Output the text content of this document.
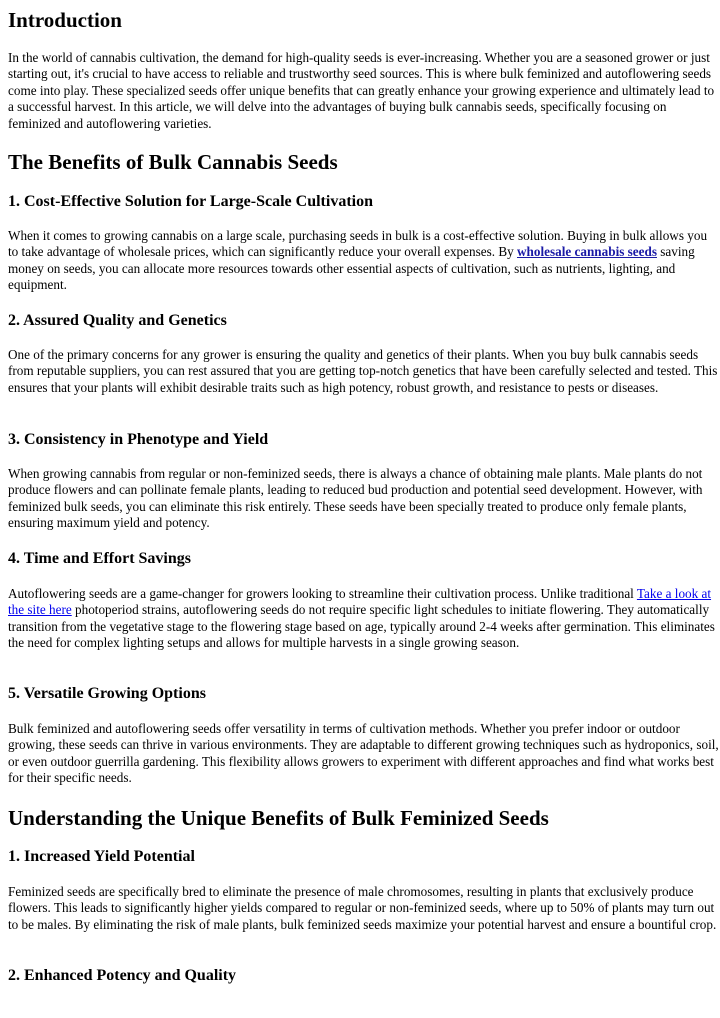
Introduction

In the world of cannabis cultivation, the demand for high-quality seeds is ever-increasing. Whether you are a seasoned grower or just starting out, it's crucial to have access to reliable and trustworthy seed sources. This is where bulk feminized and autoflowering seeds come into play. These specialized seeds offer unique benefits that can greatly enhance your growing experience and ultimately lead to a successful harvest. In this article, we will delve into the advantages of buying bulk cannabis seeds, specifically focusing on feminized and autoflowering varieties.

The Benefits of Bulk Cannabis Seeds
1. Cost-Effective Solution for Large-Scale Cultivation

When it comes to growing cannabis on a large scale, purchasing seeds in bulk is a cost-effective solution. Buying in bulk allows you to take advantage of wholesale prices, which can significantly reduce your overall expenses. By wholesale cannabis seeds saving money on seeds, you can allocate more resources towards other essential aspects of cultivation, such as nutrients, lighting, and equipment.

2. Assured Quality and Genetics

One of the primary concerns for any grower is ensuring the quality and genetics of their plants. When you buy bulk cannabis seeds from reputable suppliers, you can rest assured that you are getting top-notch genetics that have been carefully selected and tested. This ensures that your plants will exhibit desirable traits such as high potency, robust growth, and resistance to pests or diseases.

3. Consistency in Phenotype and Yield

When growing cannabis from regular or non-feminized seeds, there is always a chance of obtaining male plants. Male plants do not produce flowers and can pollinate female plants, leading to reduced bud production and potential seed development. However, with feminized bulk seeds, you can eliminate this risk entirely. These seeds have been specially treated to produce only female plants, ensuring maximum yield and potency.

4. Time and Effort Savings

Autoflowering seeds are a game-changer for growers looking to streamline their cultivation process. Unlike traditional Take a look at the site here photoperiod strains, autoflowering seeds do not require specific light schedules to initiate flowering. They automatically transition from the vegetative stage to the flowering stage based on age, typically around 2-4 weeks after germination. This eliminates the need for complex lighting setups and allows for multiple harvests in a single growing season.

5. Versatile Growing Options

Bulk feminized and autoflowering seeds offer versatility in terms of cultivation methods. Whether you prefer indoor or outdoor growing, these seeds can thrive in various environments. They are adaptable to different growing techniques such as hydroponics, soil, or even outdoor guerrilla gardening. This flexibility allows growers to experiment with different approaches and find what works best for their specific needs.

Understanding the Unique Benefits of Bulk Feminized Seeds
1. Increased Yield Potential

Feminized seeds are specifically bred to eliminate the presence of male chromosomes, resulting in plants that exclusively produce flowers. This leads to significantly higher yields compared to regular or non-feminized seeds, where up to 50% of plants may turn out to be males. By eliminating the risk of male plants, bulk feminized seeds maximize your potential harvest and ensure a bountiful crop.

2. Enhanced Potency and Quality
